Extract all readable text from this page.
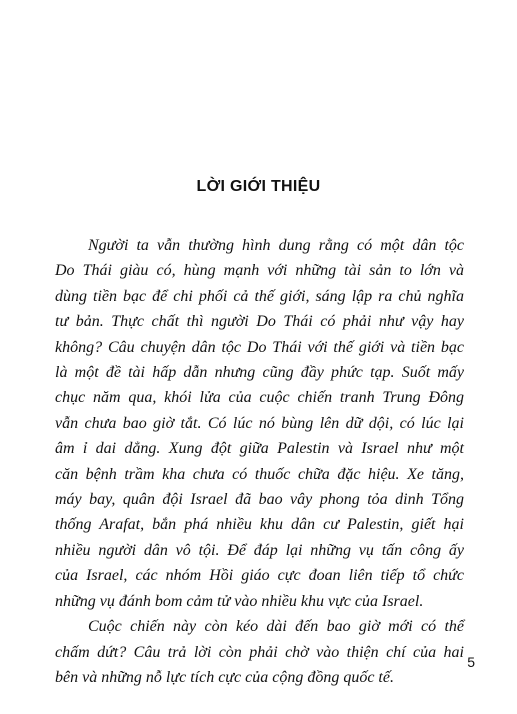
LỜI GIỚI THIỆU
Người ta vẫn thường hình dung rằng có một dân tộc
Do Thái giàu có, hùng mạnh với những tài sản to lớn và
dùng tiền bạc để chi phối cả thế giới, sáng lập ra chủ nghĩa
tư bản. Thực chất thì người Do Thái có phải như vậy hay
không? Câu chuyện dân tộc Do Thái với thế giới và tiền bạc
là một đề tài hấp dẫn nhưng cũng đầy phức tạp. Suốt mấy
chục năm qua, khói lửa của cuộc chiến tranh Trung Đông
vẫn chưa bao giờ tắt. Có lúc nó bùng lên dữ dội, có lúc lại
âm ỉ dai dẳng. Xung đột giữa Palestin và Israel như một
căn bệnh trầm kha chưa có thuốc chữa đặc hiệu. Xe tăng,
máy bay, quân đội Israel đã bao vây phong tỏa dinh Tổng
thống Arafat, bắn phá nhiều khu dân cư Palestin, giết hại
nhiều người dân vô tội. Để đáp lại những vụ tấn công ấy
của Israel, các nhóm Hồi giáo cực đoan liên tiếp tổ chức
những vụ đánh bom cảm tử vào nhiều khu vực của Israel.
Cuộc chiến này còn kéo dài đến bao giờ mới có thể
chấm dứt? Câu trả lời còn phải chờ vào thiện chí của hai
bên và những nỗ lực tích cực của cộng đồng quốc tế.
5
